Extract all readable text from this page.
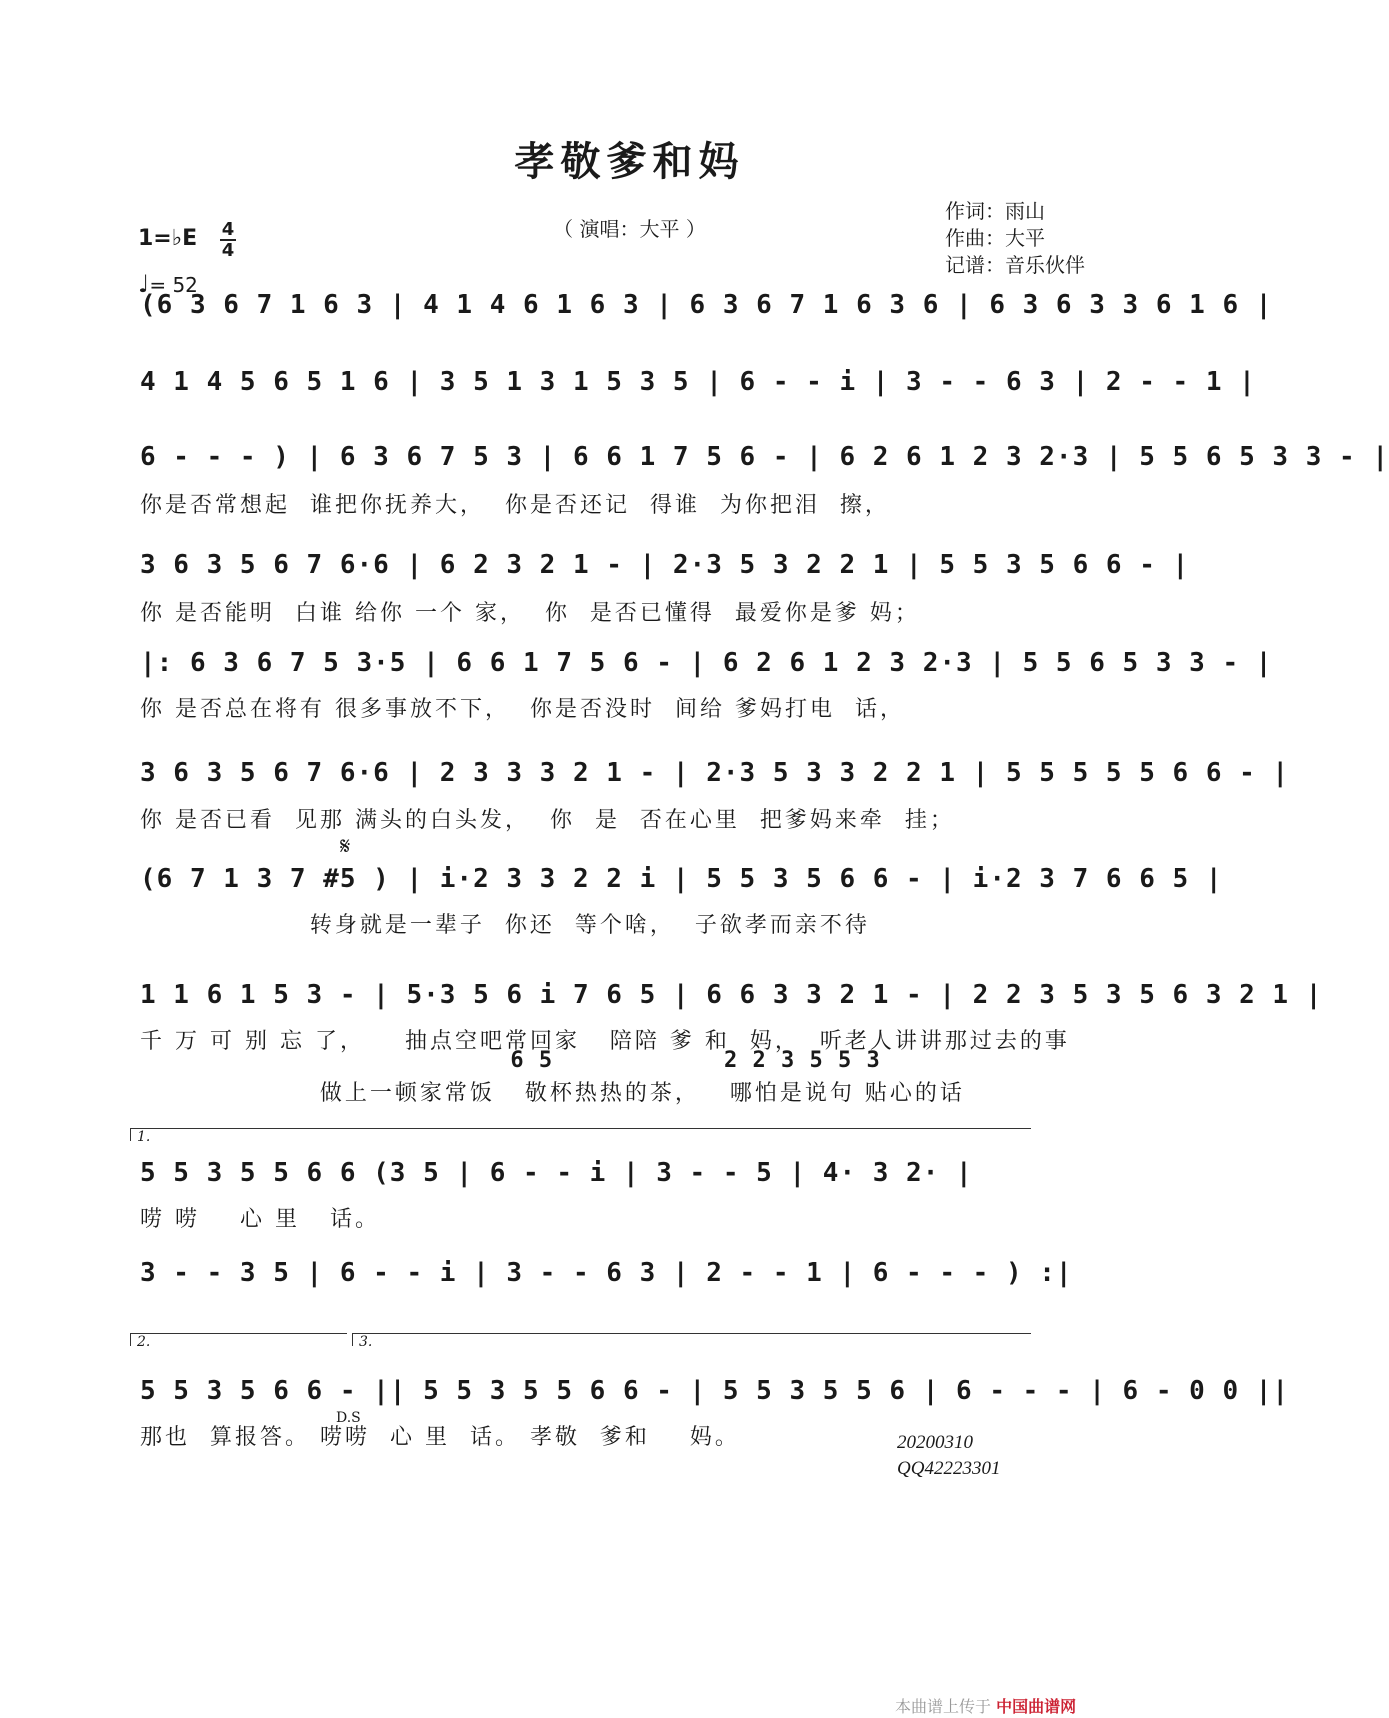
孝敬爹和妈
（ 演唱：大平 ）
作词：雨山
作曲：大平
记谱：音乐伙伴
1=♭E 4
4
♩= 52
(6 3 6 7 1 6 3 | 4 1 4 6 1 6 3 | 6 3 6 7 1 6 3 6 | 6 3 6 3 3 6 1 6 |
4 1 4 5 6 5 1 6 | 3 5 1 3 1 5 3 5 | 6 - - i | 3 - - 6 3 | 2 - - 1 |
6 - - - ) | 6 3 6 7 5 3 | 6 6 1 7 5 6 - | 6 2 6 1 2 3 2·3 | 5 5 6 5 3 3 - |
你是否常想起  谁把你抚养大，  你是否还记  得谁  为你把泪  擦，
3 6 3 5 6 7 6·6 | 6 2 3 2 1 - | 2·3 5 3 2 2 1 | 5 5 3 5 6 6 - |
你 是否能明  白谁 给你 一个 家，  你  是否已懂得  最爱你是爹 妈；
|: 6 3 6 7 5 3·5 | 6 6 1 7 5 6 - | 6 2 6 1 2 3 2·3 | 5 5 6 5 3 3 - |
你 是否总在将有 很多事放不下，  你是否没时  间给 爹妈打电  话，
3 6 3 5 6 7 6·6 | 2 3 3 3 2 1 - | 2·3 5 3 3 2 2 1 | 5 5 5 5 5 6 6 - |
你 是否已看  见那 满头的白头发，  你  是  否在心里  把爹妈来牵  挂；
𝄋
(6 7 1 3 7 #5 ) | i·2 3 3 2 2 i | 5 5 3 5 6 6 - | i·2 3 7 6 6 5 |
转身就是一辈子  你还  等个啥，  子欲孝而亲不待
1 1 6 1 5 3 - | 5·3 5 6 i 7 6 5 | 6 6 3 3 2 1 - | 2 2 3 5 3 5 6 3 2 1 |
千 万 可 别 忘 了，    抽点空吧常回家   陪陪 爹 和  妈，  听老人讲讲那过去的事
6 5            2 2 3 5 5 3
做上一顿家常饭   敬杯热热的茶，   哪怕是说句 贴心的话
1.
5 5 3 5 5 6 6 (3 5 | 6 - - i | 3 - - 5 | 4· 3 2· |
唠 唠    心 里   话。
3 - - 3 5 | 6 - - i | 3 - - 6 3 | 2 - - 1 | 6 - - - ) :|
2.	3.
5 5 3 5 6 6 - || 5 5 3 5 5 6 6 - | 5 5 3 5 5 6 | 6 - - - | 6 - 0 0 ||
D.S
那也  算报答。 唠唠  心 里  话。 孝敬  爹和    妈。	20200310
QQ42223301
本曲谱上传于 中国曲谱网
